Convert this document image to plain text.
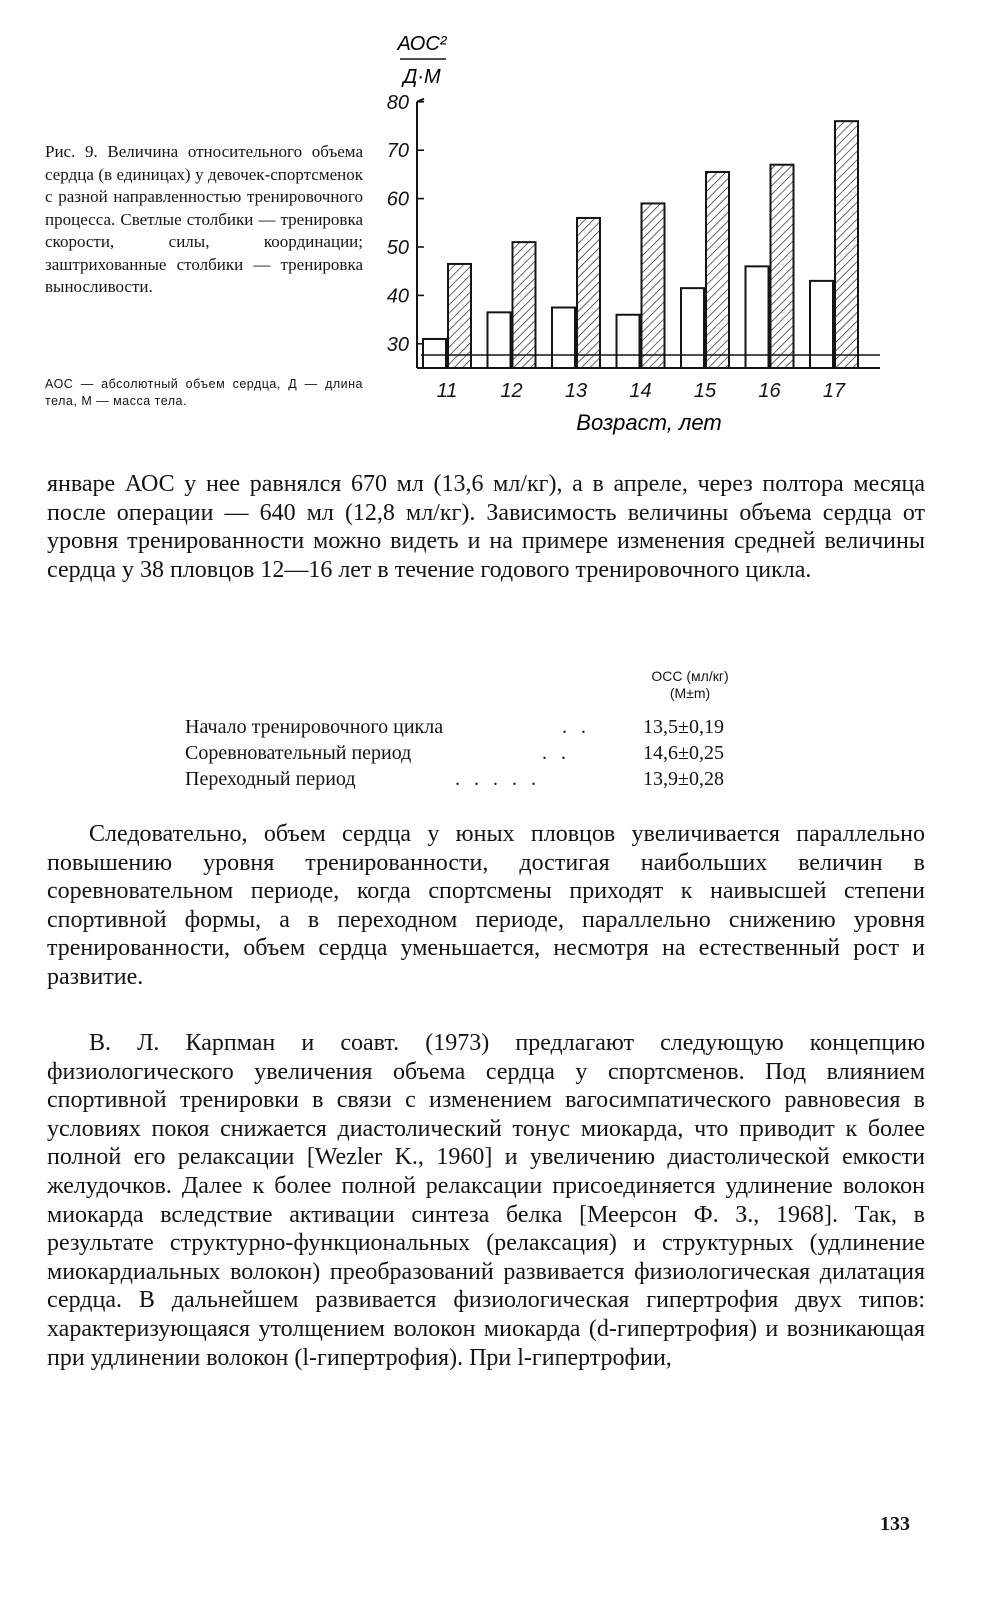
Рис. 9. Величина относительного объема сердца (в единицах) у девочек-спортсменок с разной направленностью тренировочного процесса. Светлые столбики — тренировка скорости, силы, координации; заштрихованные столбики — тренировка выносливости.
АОС — абсолютный объем сердца, Д — длина тела, М — масса тела.
АОС²
Д·М
30
40
50
60
70
80
11 12 13 14 15 16 17
Возраст, лет
январе АОС у нее равнялся 670 мл (13,6 мл/кг), а в апреле, через полтора месяца после операции — 640 мл (12,8 мл/кг). Зависимость величины объема сердца от уровня тренированности можно видеть и на примере изменения средней величины сердца у 38 пловцов 12—16 лет в течение годового тренировочного цикла.
ОСС (мл/кг)
(M±m)
Начало тренировочного цикла	.. 13,5±0,19
Соревновательный период	..	14,6±0,25
Переходный период	.....	13,9±0,28
Следовательно, объем сердца у юных пловцов увеличивается параллельно повышению уровня тренированности, достигая наибольших величин в соревновательном периоде, когда спортсмены приходят к наивысшей степени спортивной формы, а в переходном периоде, параллельно снижению уровня тренированности, объем сердца уменьшается, несмотря на естественный рост и развитие.
В. Л. Карпман и соавт. (1973) предлагают следующую концепцию физиологического увеличения объема сердца у спортсменов. Под влиянием спортивной тренировки в связи с изменением вагосимпатического равновесия в условиях покоя снижается диастолический тонус миокарда, что приводит к более полной его релаксации [Wezler K., 1960] и увеличению диастолической емкости желудочков. Далее к более полной релаксации присоединяется удлинение волокон миокарда вследствие активации синтеза белка [Меерсон Ф. З., 1968]. Так, в результате структурно-функциональных (релаксация) и структурных (удлинение миокардиальных волокон) преобразований развивается физиологическая дилатация сердца. В дальнейшем развивается физиологическая гипертрофия двух типов: характеризующаяся утолщением волокон миокарда (d-гипертрофия) и возникающая при удлинении волокон (l-гипертрофия). При l-гипертрофии,
133
